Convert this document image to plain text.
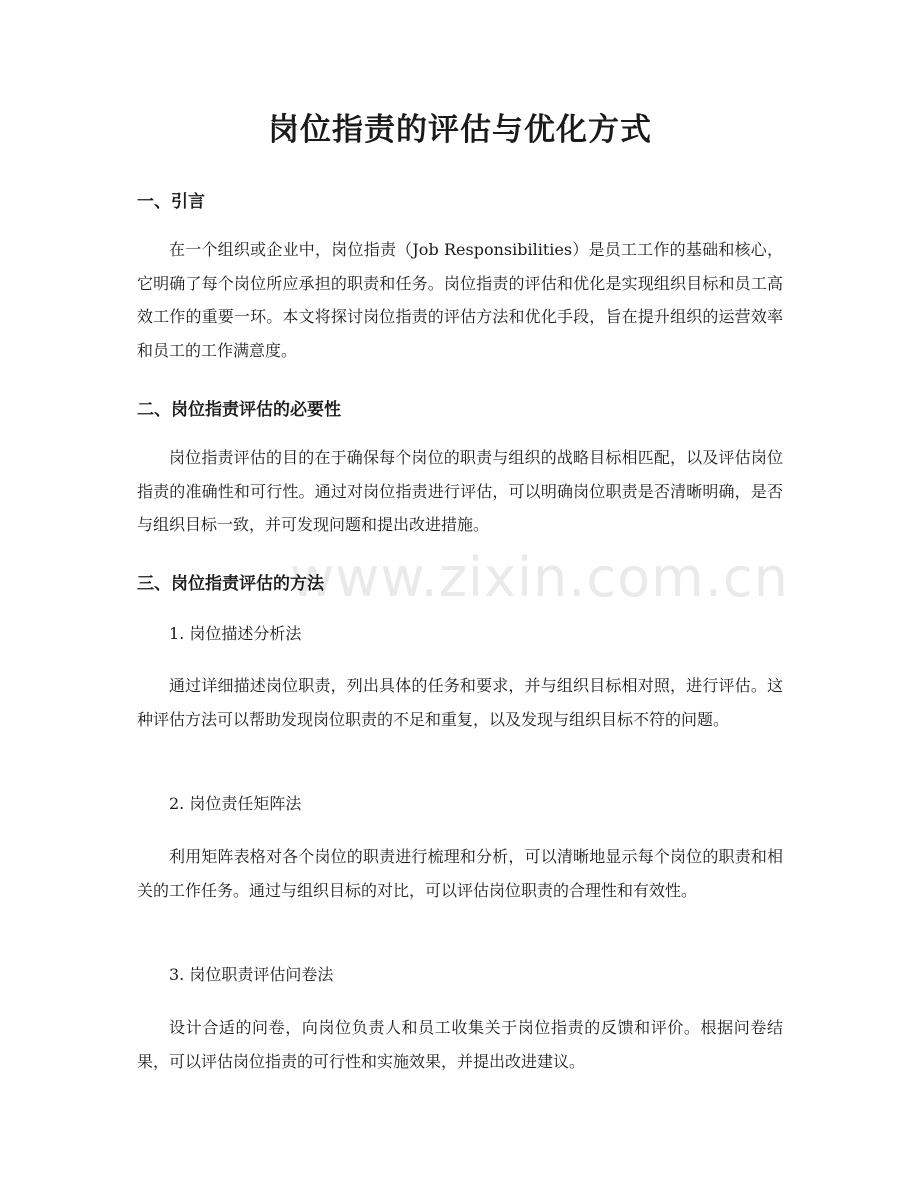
www.zixin.com.cn
岗位指责的评估与优化方式
一、引言

在一个组织或企业中，岗位指责（Job Responsibilities）是员工工作的基础和核心，它明确了每个岗位所应承担的职责和任务。岗位指责的评估和优化是实现组织目标和员工高效工作的重要一环。本文将探讨岗位指责的评估方法和优化手段，旨在提升组织的运营效率和员工的工作满意度。

二、岗位指责评估的必要性

岗位指责评估的目的在于确保每个岗位的职责与组织的战略目标相匹配，以及评估岗位指责的准确性和可行性。通过对岗位指责进行评估，可以明确岗位职责是否清晰明确，是否与组织目标一致，并可发现问题和提出改进措施。

三、岗位指责评估的方法
1. 岗位描述分析法

通过详细描述岗位职责，列出具体的任务和要求，并与组织目标相对照，进行评估。这种评估方法可以帮助发现岗位职责的不足和重复，以及发现与组织目标不符的问题。

2. 岗位责任矩阵法

利用矩阵表格对各个岗位的职责进行梳理和分析，可以清晰地显示每个岗位的职责和相关的工作任务。通过与组织目标的对比，可以评估岗位职责的合理性和有效性。

3. 岗位职责评估问卷法

设计合适的问卷，向岗位负责人和员工收集关于岗位指责的反馈和评价。根据问卷结果，可以评估岗位指责的可行性和实施效果，并提出改进建议。
